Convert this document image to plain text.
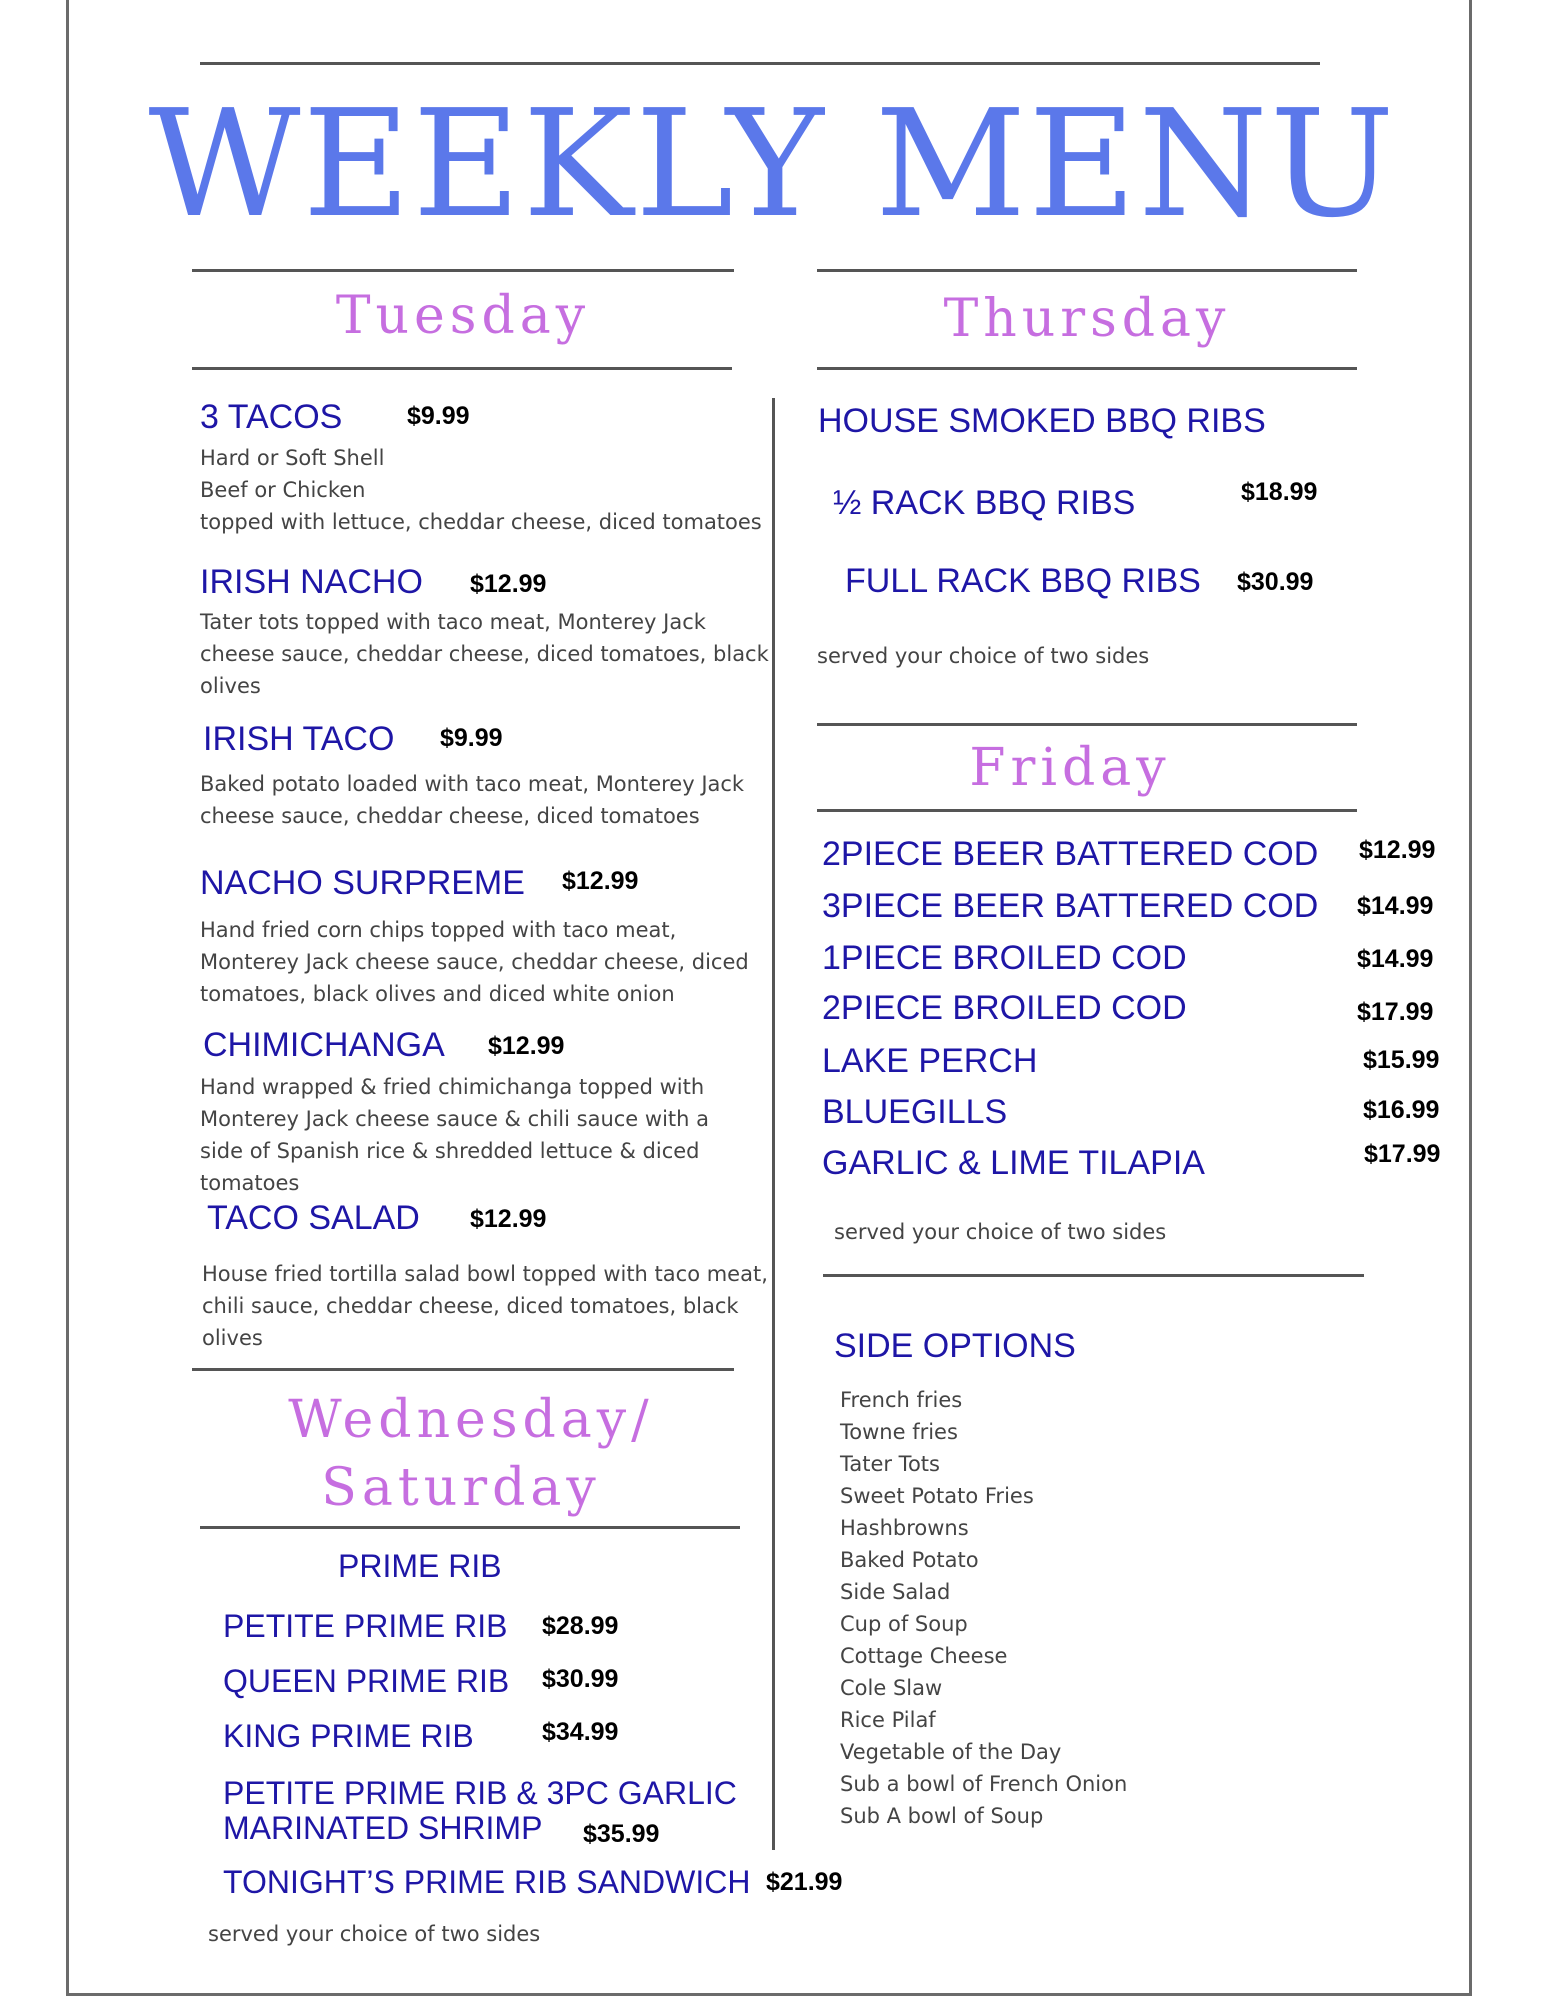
WEEKLY MENU
Tuesday
3 TACOS	$9.99
Hard or Soft Shell
Beef or Chicken
topped with lettuce, cheddar cheese, diced tomatoes
IRISH NACHO $12.99
Tater tots topped with taco meat, Monterey Jack cheese sauce, cheddar cheese, diced tomatoes, black olives
IRISH TACO $9.99
Baked potato loaded with taco meat, Monterey Jack cheese sauce, cheddar cheese, diced tomatoes
NACHO SURPREME $12.99
Hand fried corn chips topped with taco meat, Monterey Jack cheese sauce, cheddar cheese, diced tomatoes, black olives and diced white onion
CHIMICHANGA $12.99
Hand wrapped & fried chimichanga topped with Monterey Jack cheese sauce & chili sauce with a side of Spanish rice & shredded lettuce & diced tomatoes
TACO SALAD $12.99
House fried tortilla salad bowl topped with taco meat, chili sauce, cheddar cheese, diced tomatoes, black olives
Wednesday/
Saturday
PRIME RIB
PETITE PRIME RIB $28.99
QUEEN PRIME RIB $30.99
KING PRIME RIB	$34.99
PETITE PRIME RIB & 3PC GARLIC
MARINATED SHRIMP $35.99
TONIGHT’S PRIME RIB SANDWICH $21.99
served your choice of two sides
Thursday
HOUSE SMOKED BBQ RIBS
½ RACK BBQ RIBS	$18.99
FULL RACK BBQ RIBS $30.99
served your choice of two sides
Friday
2PIECE BEER BATTERED COD $12.99
3PIECE BEER BATTERED COD $14.99
1PIECE BROILED COD	$14.99
2PIECE BROILED COD	$17.99
LAKE PERCH	$15.99
BLUEGILLS	$16.99
GARLIC & LIME TILAPIA	$17.99
served your choice of two sides
SIDE OPTIONS
French fries
Towne fries
Tater Tots
Sweet Potato Fries
Hashbrowns
Baked Potato
Side Salad
Cup of Soup
Cottage Cheese
Cole Slaw
Rice Pilaf
Vegetable of the Day
Sub a bowl of French Onion
Sub A bowl of Soup
